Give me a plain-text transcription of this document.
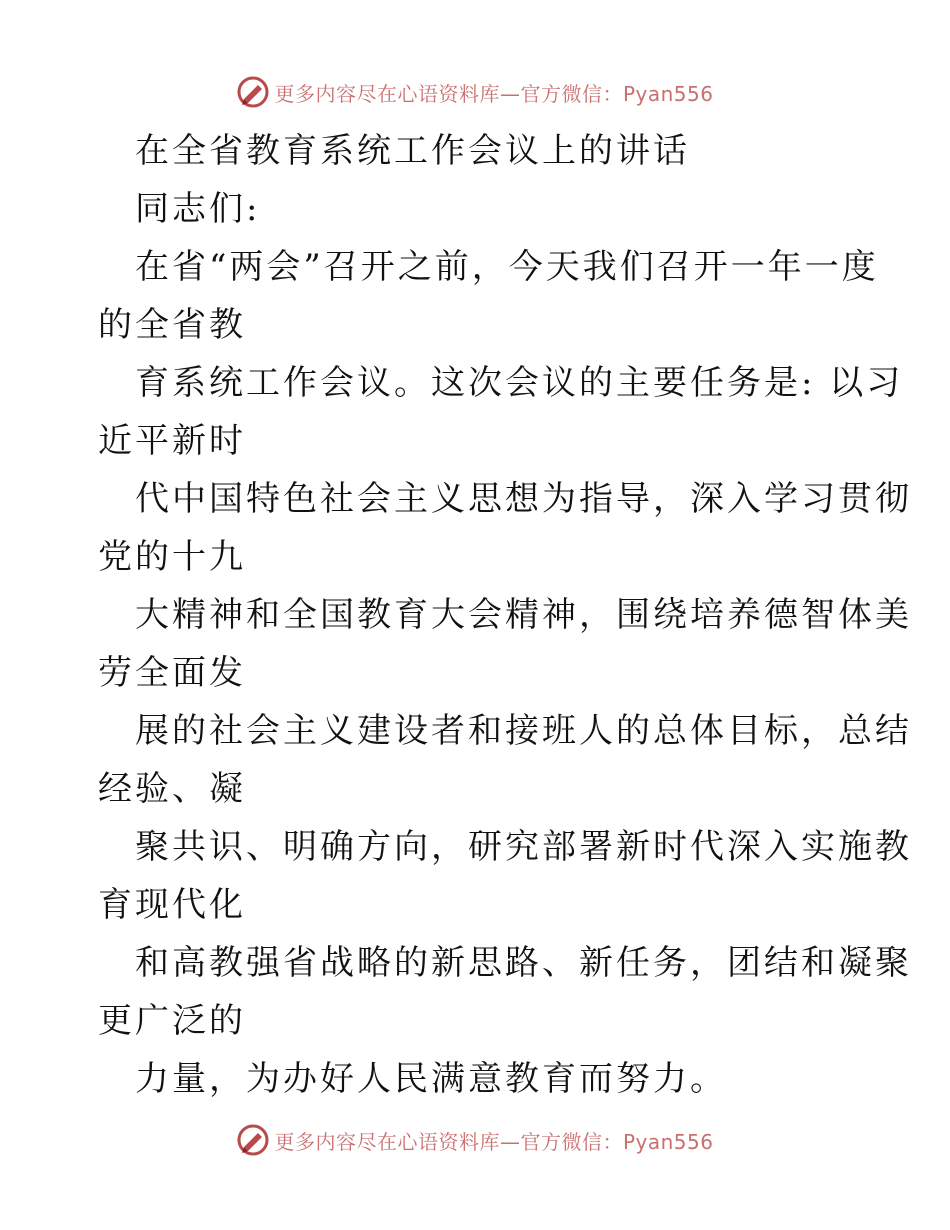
更多内容尽在心语资料库—官方微信：Pyan556

在全省教育系统工作会议上的讲话

同志们:

在省“两会”召开之前，今天我们召开一年一度

的全省教

育系统工作会议。这次会议的主要任务是: 以习

近平新时

代中国特色社会主义思想为指导，深入学习贯彻

党的十九

大精神和全国教育大会精神，围绕培养德智体美

劳全面发

展的社会主义建设者和接班人的总体目标，总结

经验、凝

聚共识、明确方向，研究部署新时代深入实施教

育现代化

和高教强省战略的新思路、新任务，团结和凝聚

更广泛的

力量，为办好人民满意教育而努力。

更多内容尽在心语资料库—官方微信：Pyan556
